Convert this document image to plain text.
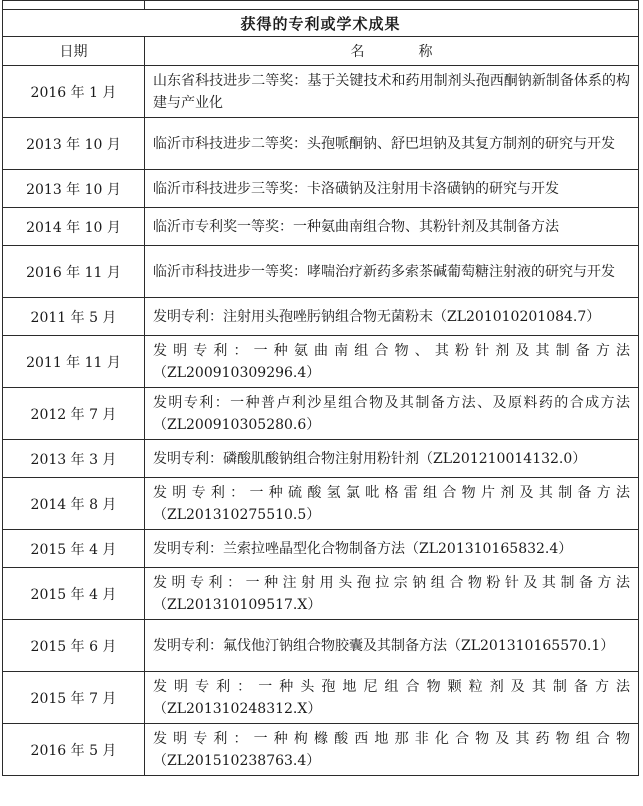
获得的专利或学术成果	
日期	名　称
2016 年 1 月	山东省科技进步二等奖：基于关键技术和药用制剂头孢西酮钠新制备体系的构建与产业化
2013 年 10 月	临沂市科技进步二等奖：头孢哌酮钠、舒巴坦钠及其复方制剂的研究与开发
2013 年 10 月	临沂市科技进步三等奖：卡洛磺钠及注射用卡洛磺钠的研究与开发
2014 年 10 月	临沂市专利奖一等奖：一种氨曲南组合物、其粉针剂及其制备方法
2016 年 11 月	临沂市科技进步一等奖：哮喘治疗新药多索茶碱葡萄糖注射液的研究与开发
2011 年 5 月	发明专利：注射用头孢唑肟钠组合物无菌粉末（ZL201010201084.7）
2011 年 11 月	发明专利：一种氨曲南组合物、其粉针剂及其制备方法（ZL200910309296.4）
2012 年 7 月	发明专利：一种普卢利沙星组合物及其制备方法、及原料药的合成方法（ZL200910305280.6）
2013 年 3 月	发明专利：磷酸肌酸钠组合物注射用粉针剂（ZL201210014132.0）
2014 年 8 月	发明专利：一种硫酸氢氯吡格雷组合物片剂及其制备方法（ZL201310275510.5）
2015 年 4 月	发明专利：兰索拉唑晶型化合物制备方法（ZL201310165832.4）
2015 年 4 月	发明专利：一种注射用头孢拉宗钠组合物粉针及其制备方法（ZL201310109517.X）
2015 年 6 月	发明专利：氟伐他汀钠组合物胶囊及其制备方法（ZL201310165570.1）
2015 年 7 月	发明专利：一种头孢地尼组合物颗粒剂及其制备方法（ZL201310248312.X）
2016 年 5 月	发明专利：一种枸橼酸西地那非化合物及其药物组合物（ZL201510238763.4）
